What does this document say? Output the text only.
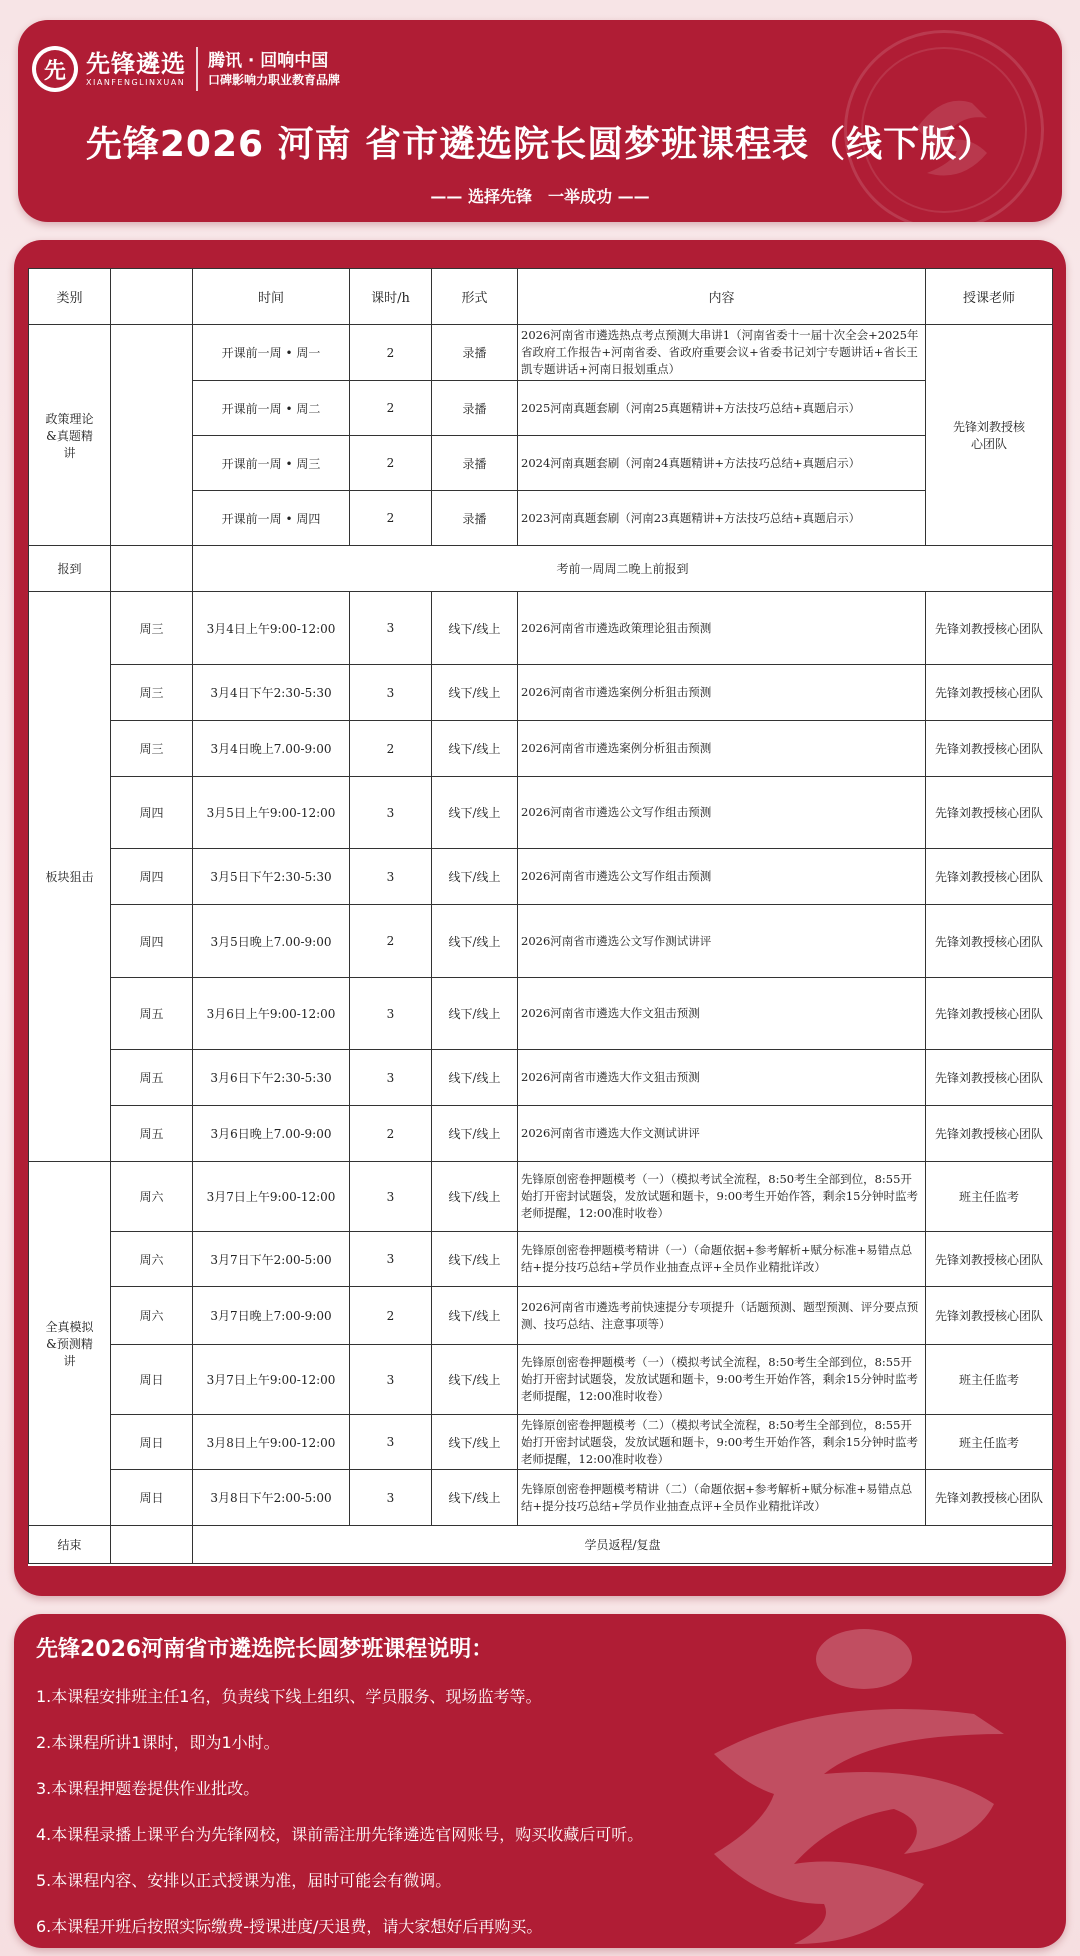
先 先锋遴选
XIANFENGLINXUAN
腾讯 · 回响中国
口碑影响力职业教育品牌
先锋2026 河南 省市遴选院长圆梦班课程表（线下版）
—— 选择先锋　一举成功 ——
类别		时间	课时/h	形式	内容	授课老师
政策理论&真题精讲		开课前一周 • 周一	2	录播	2026河南省市遴选热点考点预测大串讲1（河南省委十一届十次全会+2025年省政府工作报告+河南省委、省政府重要会议+省委书记刘宁专题讲话+省长王凯专题讲话+河南日报划重点）	先锋刘教授核心团队
		开课前一周 • 周二	2	录播	2025河南真题套刷（河南25真题精讲+方法技巧总结+真题启示）	
		开课前一周 • 周三	2	录播	2024河南真题套刷（河南24真题精讲+方法技巧总结+真题启示）	
		开课前一周 • 周四	2	录播	2023河南真题套刷（河南23真题精讲+方法技巧总结+真题启示）	
报到		考前一周周二晚上前报到				
板块狙击	周三	3月4日上午9:00-12:00	3	线下/线上	2026河南省市遴选政策理论狙击预测	先锋刘教授核心团队
	周三	3月4日下午2:30-5:30	3	线下/线上	2026河南省市遴选案例分析狙击预测	先锋刘教授核心团队
	周三	3月4日晚上7.00-9:00	2	线下/线上	2026河南省市遴选案例分析狙击预测	先锋刘教授核心团队
	周四	3月5日上午9:00-12:00	3	线下/线上	2026河南省市遴选公文写作组击预测	先锋刘教授核心团队
	周四	3月5日下午2:30-5:30	3	线下/线上	2026河南省市遴选公文写作组击预测	先锋刘教授核心团队
	周四	3月5日晚上7.00-9:00	2	线下/线上	2026河南省市遴选公文写作测试讲评	先锋刘教授核心团队
	周五	3月6日上午9:00-12:00	3	线下/线上	2026河南省市遴选大作文狙击预测	先锋刘教授核心团队
	周五	3月6日下午2:30-5:30	3	线下/线上	2026河南省市遴选大作文狙击预测	先锋刘教授核心团队
	周五	3月6日晚上7.00-9:00	2	线下/线上	2026河南省市遴选大作文测试讲评	先锋刘教授核心团队
全真模拟&预测精讲	周六	3月7日上午9:00-12:00	3	线下/线上	先锋原创密卷押题模考（一）（模拟考试全流程，8:50考生全部到位，8:55开始打开密封试题袋，发放试题和题卡，9:00考生开始作答，剩余15分钟时监考老师提醒，12:00准时收卷）	班主任监考
	周六	3月7日下午2:00-5:00	3	线下/线上	先锋原创密卷押题模考精讲（一）（命题依据+参考解析+赋分标准+易错点总结+提分技巧总结+学员作业抽查点评+全员作业精批详改）	先锋刘教授核心团队
	周六	3月7日晚上7:00-9:00	2	线下/线上	2026河南省市遴选考前快速提分专项提升（话题预测、题型预测、评分要点预测、技巧总结、注意事项等）	先锋刘教授核心团队
	周日	3月7日上午9:00-12:00	3	线下/线上	先锋原创密卷押题模考（一）（模拟考试全流程，8:50考生全部到位，8:55开始打开密封试题袋，发放试题和题卡，9:00考生开始作答，剩余15分钟时监考老师提醒，12:00准时收卷）	班主任监考
	周日	3月8日上午9:00-12:00	3	线下/线上	先锋原创密卷押题模考（二）（模拟考试全流程，8:50考生全部到位，8:55开始打开密封试题袋，发放试题和题卡，9:00考生开始作答，剩余15分钟时监考老师提醒，12:00准时收卷）	班主任监考
	周日	3月8日下午2:00-5:00	3	线下/线上	先锋原创密卷押题模考精讲（二）（命题依据+参考解析+赋分标准+易错点总结+提分技巧总结+学员作业抽查点评+全员作业精批详改）	先锋刘教授核心团队
结束		学员返程/复盘				
先锋2026河南省市遴选院长圆梦班课程说明：
1.本课程安排班主任1名，负责线下线上组织、学员服务、现场监考等。
2.本课程所讲1课时，即为1小时。
3.本课程押题卷提供作业批改。
4.本课程录播上课平台为先锋网校，课前需注册先锋遴选官网账号，购买收藏后可听。
5.本课程内容、安排以正式授课为准，届时可能会有微调。
6.本课程开班后按照实际缴费-授课进度/天退费，请大家想好后再购买。
